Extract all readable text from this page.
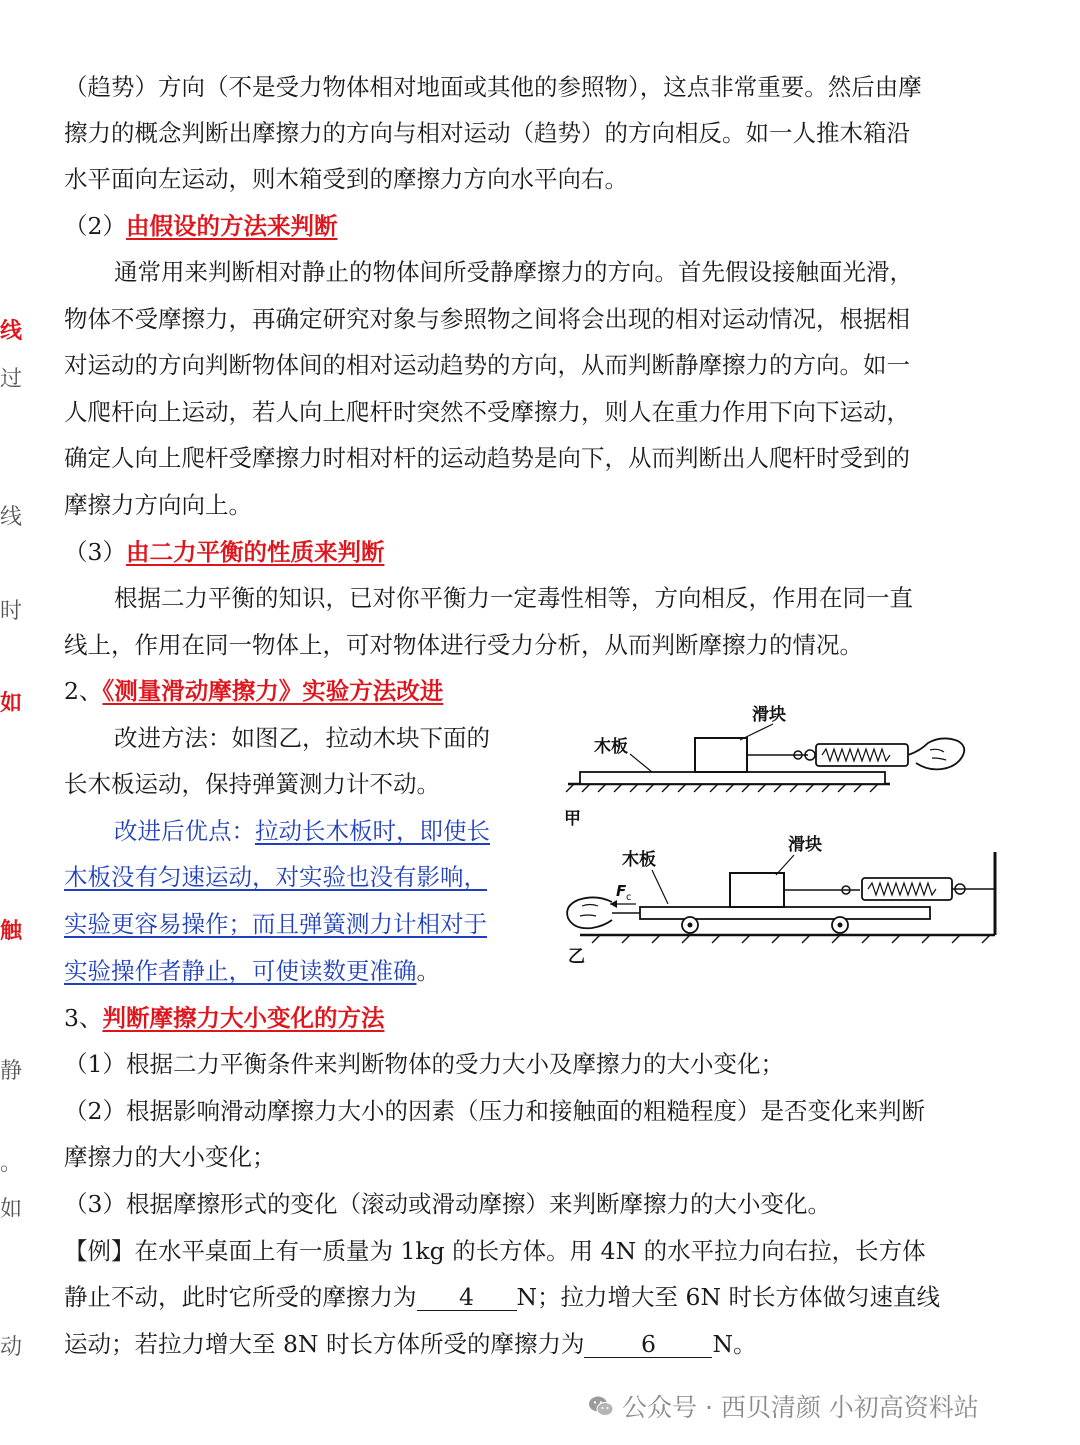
线
过
线
时
如
触
静
。
如
动
（趋势）方向（不是受力物体相对地面或其他的参照物），这点非常重要。然后由摩
擦力的概念判断出摩擦力的方向与相对运动（趋势）的方向相反。如一人推木箱沿
水平面向左运动，则木箱受到的摩擦力方向水平向右。
（2）由假设的方法来判断
通常用来判断相对静止的物体间所受静摩擦力的方向。首先假设接触面光滑，
物体不受摩擦力，再确定研究对象与参照物之间将会出现的相对运动情况，根据相
对运动的方向判断物体间的相对运动趋势的方向，从而判断静摩擦力的方向。如一
人爬杆向上运动，若人向上爬杆时突然不受摩擦力，则人在重力作用下向下运动，
确定人向上爬杆受摩擦力时相对杆的运动趋势是向下，从而判断出人爬杆时受到的
摩擦力方向向上。
（3）由二力平衡的性质来判断
根据二力平衡的知识，已对你平衡力一定毒性相等，方向相反，作用在同一直
线上，作用在同一物体上，可对物体进行受力分析，从而判断摩擦力的情况。
2、《测量滑动摩擦力》实验方法改进
改进方法：如图乙，拉动木块下面的
长木板运动，保持弹簧测力计不动。
改进后优点：拉动长木板时，即使长
木板没有匀速运动，对实验也没有影响，
实验更容易操作；而且弹簧测力计相对于
实验操作者静止，可使读数更准确。
木板
滑块
甲
F c
木板
滑块
乙
3、判断摩擦力大小变化的方法
（1）根据二力平衡条件来判断物体的受力大小及摩擦力的大小变化；
（2）根据影响滑动摩擦力大小的因素（压力和接触面的粗糙程度）是否变化来判断
摩擦力的大小变化；
（3）根据摩擦形式的变化（滚动或滑动摩擦）来判断摩擦力的大小变化。
【例】在水平桌面上有一质量为 1kg 的长方体。用 4N 的水平拉力向右拉，长方体
静止不动，此时它所受的摩擦力为 4 N；拉力增大至 6N 时长方体做匀速直线
运动；若拉力增大至 8N 时长方体所受的摩擦力为 6 N。
公众号 · 西贝清颜 小初高资料站
